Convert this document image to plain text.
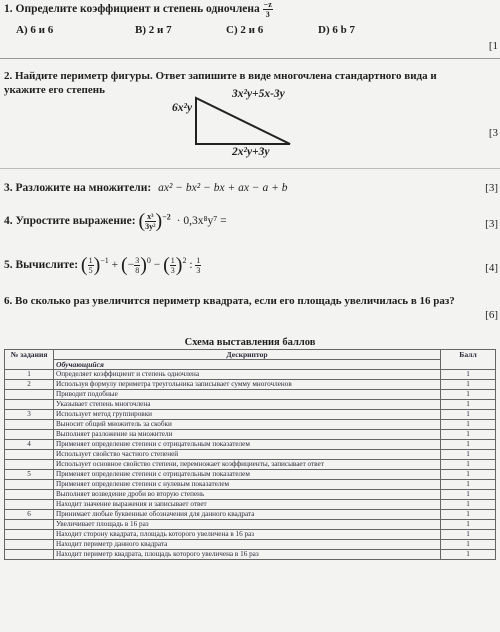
1. Определите коэффициент и степень одночлена $\frac{-z}{3}$
A) 6 и 6	B) 2 и 7	C) 2 и 6	D) 6 b 7
[1
2. Найдите периметр фигуры. Ответ запишите в виде многочлена стандартного вида и
укажите его степень
6x²y
3x²y+5x-3y
2x²y+3y
[3
3. Разложите на множители: ax² − bx² − bx + ax − a + b	[3]
4. Упростите выражение: ( $\frac{\text{x³}}{\text{3y²}} )^{-2} \cdot 0,3x^8y^7$ =	[3]
5. Вычислите: ( $\frac{1}{5} )^{-1}$ + (− $\frac{3}{8} )^0$ − ( $\frac{1}{3} )^2$ : $\frac{1}{3}$	[4]
6. Во сколько раз увеличится периметр квадрата, если его площадь увеличилась в 16 раз?
[6]
Схема выставления баллов
№ задания	Дескриптор	Балл
	Обучающийся	
1	Определяет коэффициент и степень одночлена	1
2	Используя формулу периметра треугольника записывает сумму многочленов	1
	Приводит подобные	1
	Указывает степень многочлена	1
3	Использует метод группировки	1
	Выносит общий множитель за скобки	1
	Выполняет разложение на множители	1
4	Применяет определение степени с отрицательным показателем	1
	Использует свойство частного степеней	1
	Использует основное свойство степени, перемножает коэффициенты, записывает ответ	1
5	Применяет определение степени с отрицательным показателем	1
	Применяет определение степени с нулевым показателем	1
	Выполняет возведение дроби во вторую степень	1
	Находит значение выражения и записывает ответ	1
6	Принимает любые буквенные обозначения для данного квадрата	1
	Увеличивает площадь в 16 раз	1
	Находит сторону квадрата, площадь которого увеличена в 16 раз	1
	Находит периметр данного квадрата	1
	Находит периметр квадрата, площадь которого увеличена в 16 раз	1
